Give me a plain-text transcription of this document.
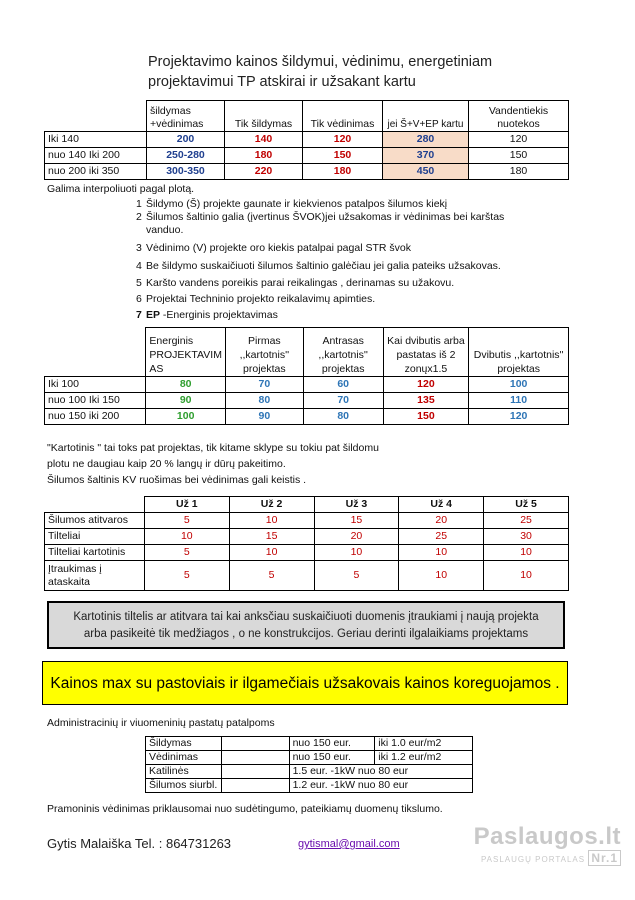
Projektavimo kainos šildymui, vėdinimu, energetiniam
projektavimui TP atskirai ir užsakant kartu

	šildymas
+vėdinimas	Tik šildymas	Tik vėdinimas	jei Š+V+EP kartu	Vandentiekis nuotekos
Iki 140	200	140	120	280	120
nuo 140 Iki 200	250-280	180	150	370	150
nuo 200 iki 350	300-350	220	180	450	180
Galima interpoliuoti pagal plotą.
1 Šildymo (Š) projekte gaunate ir kiekvienos patalpos šilumos kiekį
2 Šilumos šaltinio galia (įvertinus ŠVOK)jei užsakomas ir vėdinimas bei karštas
vanduo.
3 Vėdinimo (V) projekte oro kiekis patalpai pagal STR švok
4 Be šildymo suskaičiuoti šilumos šaltinio galėčiau jei galia pateiks užsakovas.
5 Karšto vandens poreikis parai reikalingas , derinamas su užakovu.
6 Projektai Techninio projekto reikalavimų apimties.
7 EP -Energinis projektavimas
	Energinis PROJEKTAVIM AS	Pirmas ,,kartotnis'' projektas	Antrasas ,,kartotnis'' projektas	Kai dvibutis arba pastatas iš 2 zonųx1.5	Dvibutis ,,kartotnis'' projektas
Iki 100	80	70	60	120	100
nuo 100 Iki 150	90	80	70	135	110
nuo 150 iki 200	100	90	80	150	120
"Kartotinis " tai toks pat projektas, tik kitame sklype su tokiu pat šildomu
plotu ne daugiau kaip 20 % langų ir dūrų pakeitimo.
Šilumos šaltinis KV ruošimas bei vėdinimas gali keistis .
	Už 1	Už 2	Už 3	Už 4	Už 5
Šilumos atitvaros	5	10	15	20	25
Tilteliai	10	15	20	25	30
Tilteliai kartotinis	5	10	10	10	10
Įtraukimas į ataskaita	5	5	5	10	10
Kartotinis tiltelis ar atitvara tai kai anksčiau suskaičiuoti duomenis įtraukiami į naują projekta
arba pasikeitė tik medžiagos , o ne konstrukcijos. Geriau derinti ilgalaikiams projektams
Kainos max su pastoviais ir ilgamečiais užsakovais kainos koreguojamos .
Administracinių ir viuomeninių pastatų patalpoms
Šildymas		nuo 150 eur.	iki 1.0 eur/m2
Vėdinimas		nuo 150 eur.	iki 1.2 eur/m2
Katilinės		1.5 eur. -1kW nuo 80 eur	
Šilumos siurbl.		1.2 eur. -1kW nuo 80 eur	
Pramoninis vėdinimas priklausomai nuo sudėtingumo, pateikiamų duomenų tikslumo.
Gytis Malaiška Tel. : 864731263	gytismal@gmail.com	Paslaugos.lt
PASLAUGŲ PORTALAS Nr.1
